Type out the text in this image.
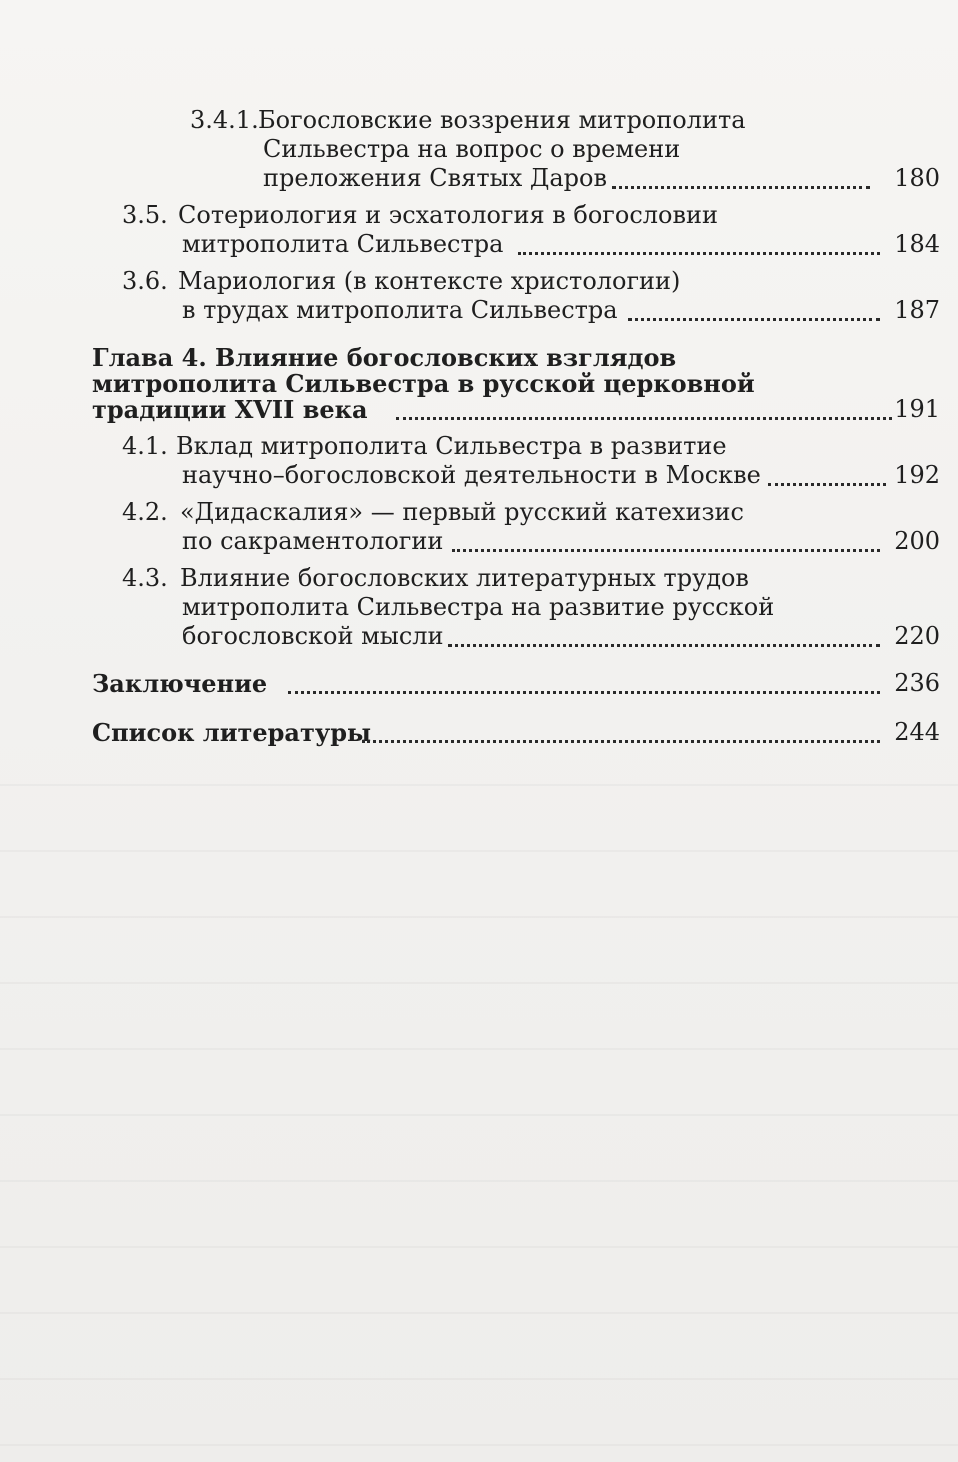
3.4.1. Богословские воззрения митрополита
Сильвестра на вопрос о времени
преложения Святых Даров	180
3.5. Сотериология и эсхатология в богословии
митрополита Сильвестра	184
3.6. Мариология (в контексте христологии)
в трудах митрополита Сильвестра	187
Глава 4. Влияние богословских взглядов
митрополита Сильвестра в русской церковной
традиции XVII века	191
4.1. Вклад митрополита Сильвестра в развитие
научно–богословской деятельности в Москве	192
4.2. «Дидаскалия» — первый русский катехизис
по сакраментологии	200
4.3. Влияние богословских литературных трудов
митрополита Сильвестра на развитие русской
богословской мысли	220
Заключение	236
Список литературы	244
